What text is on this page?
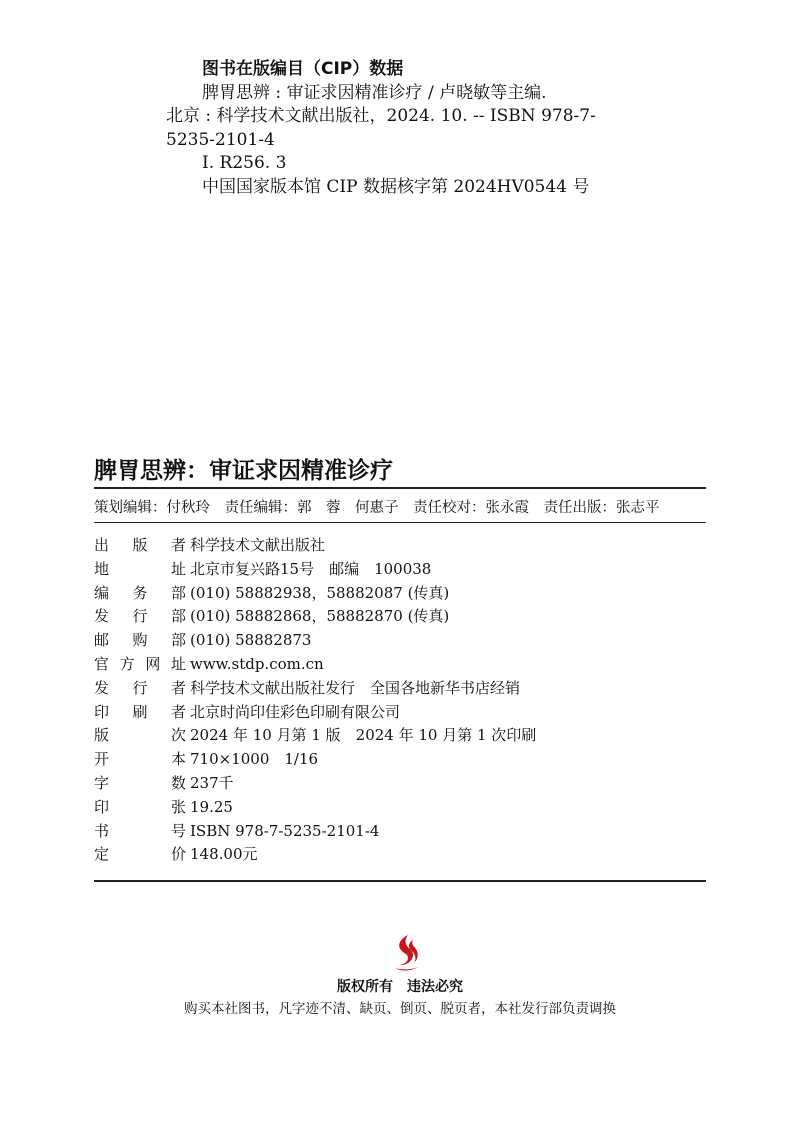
图书在版编目（CIP）数据
脾胃思辨 : 审证求因精准诊疗 / 卢晓敏等主编.
北京 : 科学技术文献出版社，2024. 10. -- ISBN 978-7-
5235-2101-4
Ⅰ. R256. 3
中国国家版本馆 CIP 数据核字第 2024HV0544 号
脾胃思辨：审证求因精准诊疗
策划编辑：付秋玲　责任编辑：郭　蓉　何惠子　责任校对：张永霞　责任出版：张志平
出 版 者 科学技术文献出版社
地	址 北京市复兴路15号　邮编　100038
编 务 部 (010) 58882938，58882087 (传真)
发 行 部 (010) 58882868，58882870 (传真)
邮 购 部 (010) 58882873
官 方 网 址 www.stdp.com.cn
发 行 者 科学技术文献出版社发行　全国各地新华书店经销
印 刷 者 北京时尚印佳彩色印刷有限公司
版	次 2024 年 10 月第 1 版　2024 年 10 月第 1 次印刷
开	本 710×1000　1/16
字	数 237千
印	张 19.25
书	号 ISBN 978-7-5235-2101-4
定	价 148.00元
版权所有　违法必究
购买本社图书，凡字迹不清、缺页、倒页、脱页者，本社发行部负责调换
